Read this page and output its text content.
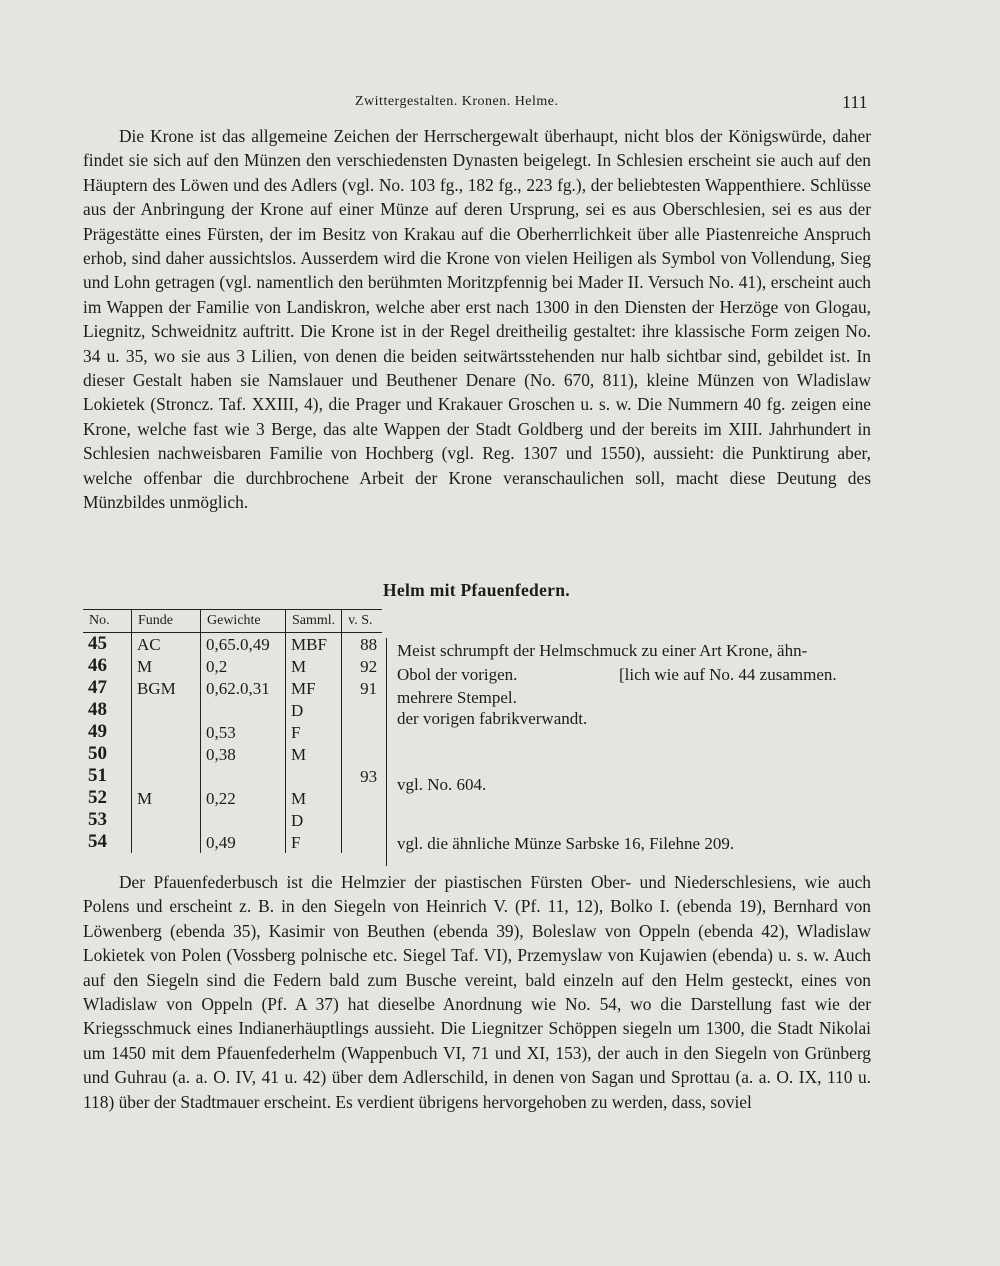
Zwittergestalten. Kronen. Helme.	111

Die Krone ist das allgemeine Zeichen der Herrschergewalt überhaupt, nicht blos der Königswürde, daher findet sie sich auf den Münzen den verschiedensten Dynasten beigelegt. In Schlesien erscheint sie auch auf den Häuptern des Löwen und des Adlers (vgl. No. 103 fg., 182 fg., 223 fg.), der beliebtesten Wappenthiere. Schlüsse aus der Anbringung der Krone auf einer Münze auf deren Ursprung, sei es aus Oberschlesien, sei es aus der Prägestätte eines Fürsten, der im Besitz von Krakau auf die Oberherrlichkeit über alle Piastenreiche Anspruch erhob, sind daher aussichtslos. Ausserdem wird die Krone von vielen Heiligen als Symbol von Vollendung, Sieg und Lohn getragen (vgl. namentlich den berühmten Moritzpfennig bei Mader II. Versuch No. 41), erscheint auch im Wappen der Familie von Landiskron, welche aber erst nach 1300 in den Diensten der Herzöge von Glogau, Liegnitz, Schweidnitz auftritt. Die Krone ist in der Regel dreitheilig gestaltet: ihre klassische Form zeigen No. 34 u. 35, wo sie aus 3 Lilien, von denen die beiden seitwärtsstehenden nur halb sichtbar sind, gebildet ist. In dieser Gestalt haben sie Namslauer und Beuthener Denare (No. 670, 811), kleine Münzen von Wladislaw Lokietek (Stroncz. Taf. XXIII, 4), die Prager und Krakauer Groschen u. s. w. Die Nummern 40 fg. zeigen eine Krone, welche fast wie 3 Berge, das alte Wappen der Stadt Goldberg und der bereits im XIII. Jahrhundert in Schlesien nachweisbaren Familie von Hochberg (vgl. Reg. 1307 und 1550), aussieht: die Punktirung aber, welche offenbar die durchbrochene Arbeit der Krone veranschaulichen soll, macht diese Deutung des Münzbildes unmöglich.

Helm mit Pfauenfedern.
No.	Funde	Gewichte	Samml.	v. S.
45	AC	0,65.0,49	MBF	88
46	M	0,2	M	92
47	BGM	0,62.0,31	MF	91
48			D	
49		0,53	F	
50		0,38	M	
51				93
52	M	0,22	M	
53			D	
54		0,49	F	
Meist schrumpft der Helmschmuck zu einer Art Krone, ähn-
Obol der vorigen.	[lich wie auf No. 44 zusammen.
mehrere Stempel.
der vorigen fabrikverwandt.
vgl. No. 604.
vgl. die ähnliche Münze Sarbske 16, Filehne 209.

Der Pfauenfederbusch ist die Helmzier der piastischen Fürsten Ober- und Niederschlesiens, wie auch Polens und erscheint z. B. in den Siegeln von Heinrich V. (Pf. 11, 12), Bolko I. (ebenda 19), Bernhard von Löwenberg (ebenda 35), Kasimir von Beuthen (ebenda 39), Boleslaw von Oppeln (ebenda 42), Wladislaw Lokietek von Polen (Vossberg polnische etc. Siegel Taf. VI), Przemyslaw von Kujawien (ebenda) u. s. w. Auch auf den Siegeln sind die Federn bald zum Busche vereint, bald einzeln auf den Helm gesteckt, eines von Wladislaw von Oppeln (Pf. A 37) hat dieselbe Anordnung wie No. 54, wo die Darstellung fast wie der Kriegsschmuck eines Indianerhäuptlings aussieht. Die Liegnitzer Schöppen siegeln um 1300, die Stadt Nikolai um 1450 mit dem Pfauenfederhelm (Wappenbuch VI, 71 und XI, 153), der auch in den Siegeln von Grünberg und Guhrau (a. a. O. IV, 41 u. 42) über dem Adlerschild, in denen von Sagan und Sprottau (a. a. O. IX, 110 u. 118) über der Stadtmauer erscheint. Es verdient übrigens hervorgehoben zu werden, dass, soviel
